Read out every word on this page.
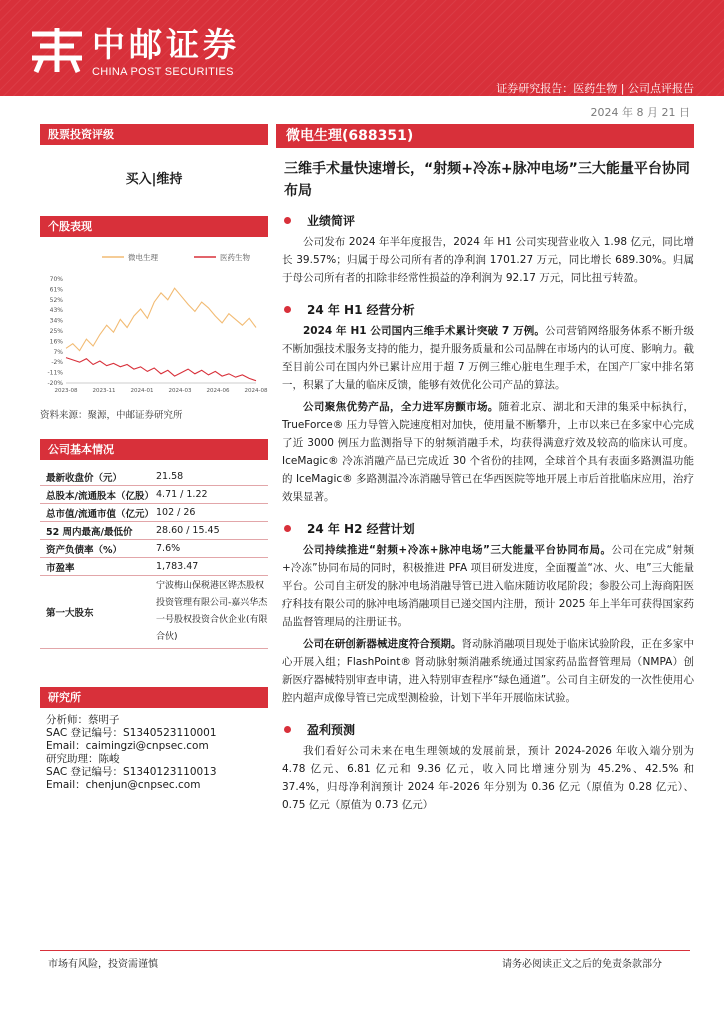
中邮证券
CHINA POST SECURITIES
证券研究报告：医药生物 | 公司点评报告
2024 年 8 月 21 日
股票投资评级
买入|维持
个股表现
微电生理	医药生物
70%
61%
52%
43%
34%
25%
16%
7%
-2%
-11%
-20%
2023-08	2023-11	2024-01	2024-03	2024-06	2024-08
资料来源：聚源，中邮证券研究所
公司基本情况
最新收盘价（元）	21.58
总股本/流通股本（亿股） 4.71 / 1.22
总市值/流通市值（亿元） 102 / 26
52 周内最高/最低价	28.60 / 15.45
资产负债率（%）	7.6%
市盈率	1,783.47
第一大股东
宁波梅山保税港区铧杰股权投资管理有限公司-嘉兴华杰一号股权投资合伙企业(有限合伙)
研究所
分析师：蔡明子
SAC 登记编号：S1340523110001
Email：caimingzi@cnpsec.com
研究助理：陈峻
SAC 登记编号：S1340123110013
Email：chenjun@cnpsec.com
微电生理(688351)
三维手术量快速增长，“射频+冷冻+脉冲电场”三大能量平台协同布局
业绩简评

公司发布 2024 年半年度报告，2024 年 H1 公司实现营业收入 1.98 亿元，同比增长 39.57%；归属于母公司所有者的净利润 1701.27 万元，同比增长 689.30%。归属于母公司所有者的扣除非经常性损益的净利润为 92.17 万元，同比扭亏转盈。

24 年 H1 经营分析

2024 年 H1 公司国内三维手术累计突破 7 万例。公司营销网络服务体系不断升级不断加强技术服务支持的能力，提升服务质量和公司品牌在市场内的认可度、影响力。截至目前公司在国内外已累计应用于超 7 万例三维心脏电生理手术，在国产厂家中排名第一，积累了大量的临床反馈，能够有效优化公司产品的算法。

公司聚焦优势产品，全力进军房颤市场。随着北京、湖北和天津的集采中标执行，TrueForce® 压力导管入院速度相对加快，使用量不断攀升，上市以来已在多家中心完成了近 3000 例压力监测指导下的射频消融手术，均获得满意疗效及较高的临床认可度。IceMagic® 冷冻消融产品已完成近 30 个省份的挂网，全球首个具有表面多路测温功能的 IceMagic® 多路测温冷冻消融导管已在华西医院等地开展上市后首批临床应用，治疗效果显著。

24 年 H2 经营计划

公司持续推进“射频+冷冻+脉冲电场”三大能量平台协同布局。公司在完成“射频+冷冻”协同布局的同时，积极推进 PFA 项目研发进度，全面覆盖“冰、火、电”三大能量平台。公司自主研发的脉冲电场消融导管已进入临床随访收尾阶段；参股公司上海商阳医疗科技有限公司的脉冲电场消融项目已递交国内注册，预计 2025 年上半年可获得国家药品监督管理局的注册证书。

公司在研创新器械进度符合预期。肾动脉消融项目现处于临床试验阶段，正在多家中心开展入组；FlashPoint® 肾动脉射频消融系统通过国家药品监督管理局（NMPA）创新医疗器械特别审查申请，进入特别审查程序“绿色通道”。公司自主研发的一次性使用心腔内超声成像导管已完成型测检验，计划下半年开展临床试验。

盈利预测

我们看好公司未来在电生理领域的发展前景，预计 2024-2026 年收入端分别为 4.78 亿元、6.81 亿元和 9.36 亿元，收入同比增速分别为 45.2%、42.5% 和 37.4%，归母净利润预计 2024 年-2026 年分别为 0.36 亿元（原值为 0.28 亿元）、0.75 亿元（原值为 0.73 亿元）

市场有风险，投资需谨慎	请务必阅读正文之后的免责条款部分
